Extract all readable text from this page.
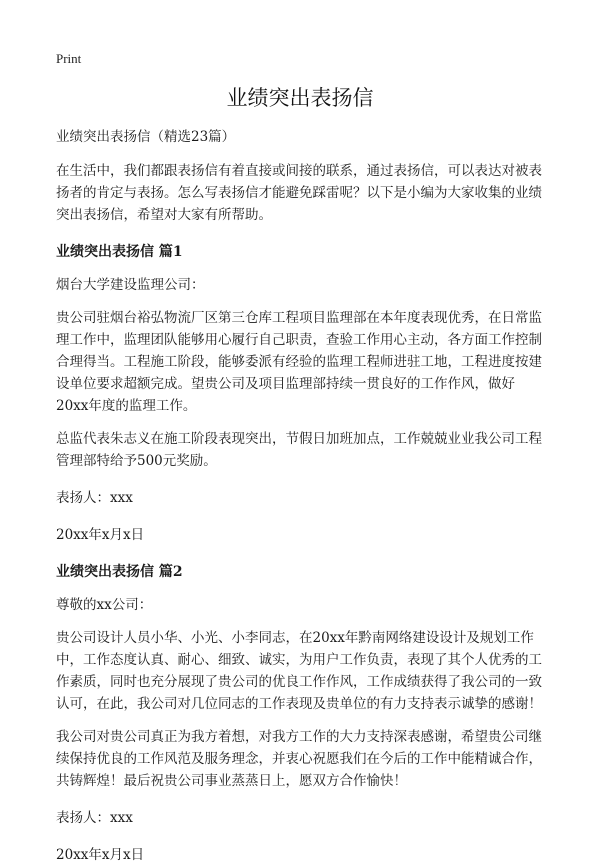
Print
业绩突出表扬信

业绩突出表扬信（精选23篇）

在生活中，我们都跟表扬信有着直接或间接的联系，通过表扬信，可以表达对被表扬者的肯定与表扬。怎么写表扬信才能避免踩雷呢？以下是小编为大家收集的业绩突出表扬信，希望对大家有所帮助。

业绩突出表扬信 篇1

烟台大学建设监理公司：

贵公司驻烟台裕弘物流厂区第三仓库工程项目监理部在本年度表现优秀，在日常监理工作中，监理团队能够用心履行自己职责，查验工作用心主动，各方面工作控制合理得当。工程施工阶段，能够委派有经验的监理工程师进驻工地，工程进度按建设单位要求超额完成。望贵公司及项目监理部持续一贯良好的工作作风，做好20xx年度的监理工作。

总监代表朱志义在施工阶段表现突出，节假日加班加点，工作兢兢业业我公司工程管理部特给予500元奖励。

表扬人：xxx

20xx年x月x日

业绩突出表扬信 篇2

尊敬的xx公司：

贵公司设计人员小华、小光、小李同志，在20xx年黔南网络建设设计及规划工作中，工作态度认真、耐心、细致、诚实，为用户工作负责，表现了其个人优秀的工作素质，同时也充分展现了贵公司的优良工作作风，工作成绩获得了我公司的一致认可，在此，我公司对几位同志的工作表现及贵单位的有力支持表示诚挚的感谢！

我公司对贵公司真正为我方着想，对我方工作的大力支持深表感谢，希望贵公司继续保持优良的工作风范及服务理念，并衷心祝愿我们在今后的工作中能精诚合作，共铸辉煌！最后祝贵公司事业蒸蒸日上，愿双方合作愉快！

表扬人：xxx

20xx年x月x日
